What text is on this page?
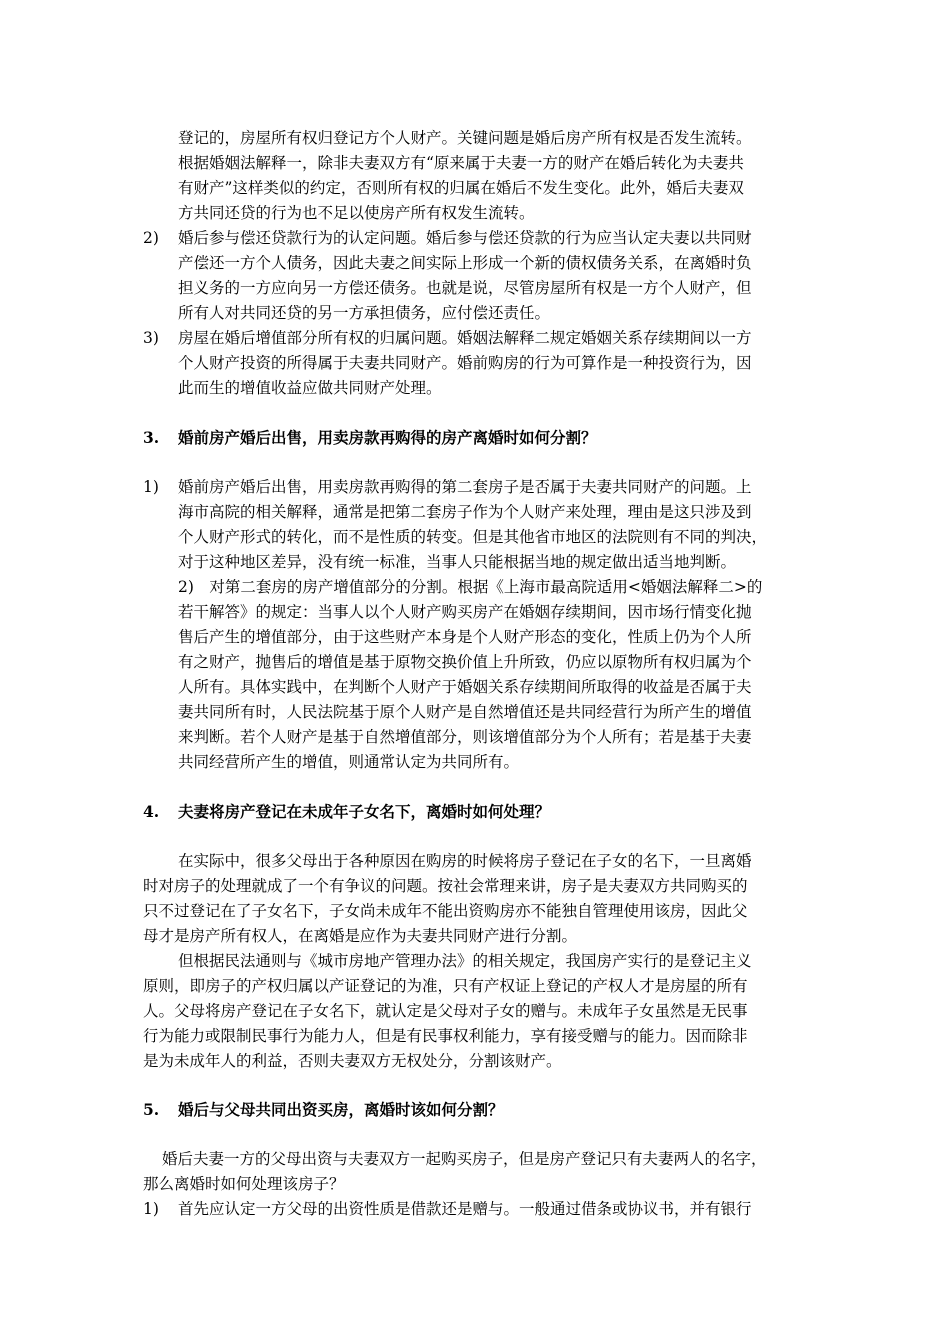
登记的，房屋所有权归登记方个人财产。关键问题是婚后房产所有权是否发生流转。
根据婚姻法解释一，除非夫妻双方有“原来属于夫妻一方的财产在婚后转化为夫妻共
有财产”这样类似的约定，否则所有权的归属在婚后不发生变化。此外，婚后夫妻双
方共同还贷的行为也不足以使房产所有权发生流转。
2) 婚后参与偿还贷款行为的认定问题。婚后参与偿还贷款的行为应当认定夫妻以共同财
产偿还一方个人债务，因此夫妻之间实际上形成一个新的债权债务关系，在离婚时负
担义务的一方应向另一方偿还债务。也就是说，尽管房屋所有权是一方个人财产，但
所有人对共同还贷的另一方承担债务，应付偿还责任。
3) 房屋在婚后增值部分所有权的归属问题。婚姻法解释二规定婚姻关系存续期间以一方
个人财产投资的所得属于夫妻共同财产。婚前购房的行为可算作是一种投资行为，因
此而生的增值收益应做共同财产处理。
3. 婚前房产婚后出售，用卖房款再购得的房产离婚时如何分割？
1) 婚前房产婚后出售，用卖房款再购得的第二套房子是否属于夫妻共同财产的问题。上
海市高院的相关解释，通常是把第二套房子作为个人财产来处理，理由是这只涉及到
个人财产形式的转化，而不是性质的转变。但是其他省市地区的法院则有不同的判决，
对于这种地区差异，没有统一标准，当事人只能根据当地的规定做出适当地判断。
2)　对第二套房的房产增值部分的分割。根据《上海市最高院适用<婚姻法解释二>的
若干解答》的规定：当事人以个人财产购买房产在婚姻存续期间，因市场行情变化抛
售后产生的增值部分，由于这些财产本身是个人财产形态的变化，性质上仍为个人所
有之财产，抛售后的增值是基于原物交换价值上升所致，仍应以原物所有权归属为个
人所有。具体实践中，在判断个人财产于婚姻关系存续期间所取得的收益是否属于夫
妻共同所有时，人民法院基于原个人财产是自然增值还是共同经营行为所产生的增值
来判断。若个人财产是基于自然增值部分，则该增值部分为个人所有；若是基于夫妻
共同经营所产生的增值，则通常认定为共同所有。
4. 夫妻将房产登记在未成年子女名下，离婚时如何处理？
在实际中，很多父母出于各种原因在购房的时候将房子登记在子女的名下，一旦离婚
时对房子的处理就成了一个有争议的问题。按社会常理来讲，房子是夫妻双方共同购买的
只不过登记在了子女名下，子女尚未成年不能出资购房亦不能独自管理使用该房，因此父
母才是房产所有权人，在离婚是应作为夫妻共同财产进行分割。
但根据民法通则与《城市房地产管理办法》的相关规定，我国房产实行的是登记主义
原则，即房子的产权归属以产证登记的为准，只有产权证上登记的产权人才是房屋的所有
人。父母将房产登记在子女名下，就认定是父母对子女的赠与。未成年子女虽然是无民事
行为能力或限制民事行为能力人，但是有民事权利能力，享有接受赠与的能力。因而除非
是为未成年人的利益，否则夫妻双方无权处分，分割该财产。
5. 婚后与父母共同出资买房，离婚时该如何分割？
婚后夫妻一方的父母出资与夫妻双方一起购买房子，但是房产登记只有夫妻两人的名字，
那么离婚时如何处理该房子？
1) 首先应认定一方父母的出资性质是借款还是赠与。一般通过借条或协议书，并有银行
